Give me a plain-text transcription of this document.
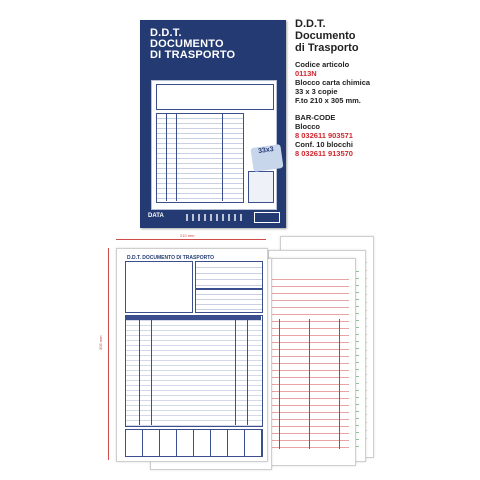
D.D.T.
DOCUMENTO
DI TRASPORTO
33x3
DATA
D.D.T.
Documento
di Trasporto
Codice articolo
0113N
Blocco carta chimica
33 x 3 copie
F.to 210 x 305 mm.
BAR-CODE
Blocco
8 032611 903571
Conf. 10 blocchi
8 032611 913570
210 mm
305 mm
D.D.T. DOCUMENTO DI TRASPORTO
